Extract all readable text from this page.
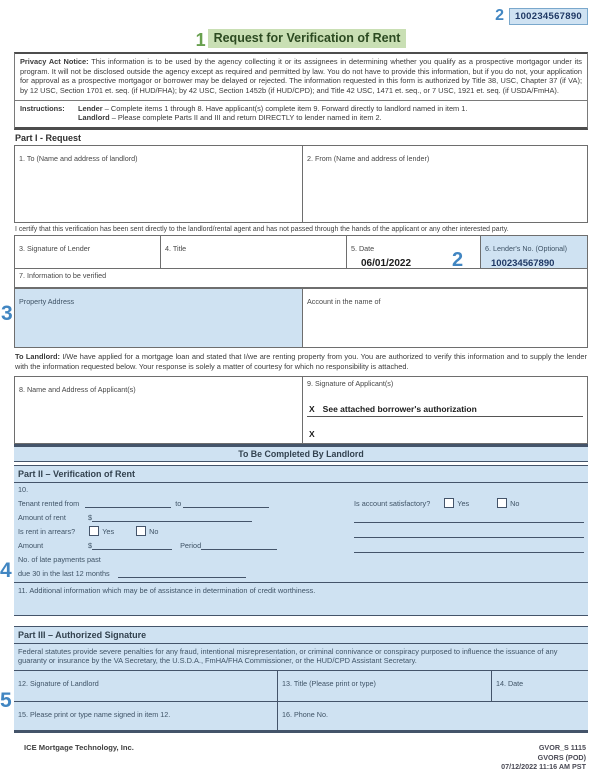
2	100234567890
1 Request for Verification of Rent

Privacy Act Notice: This information is to be used by the agency collecting it or its assignees in determining whether you qualify as a prospective mortgagor under its program. It will not be disclosed outside the agency except as required and permitted by law. You do not have to provide this information, but if you do not, your application for approval as a prospective mortgagor or borrower may be delayed or rejected. The information requested in this form is authorized by Title 38, USC, Chapter 37 (if VA); by 12 USC, Section 1701 et. seq. (if HUD/FHA); by 42 USC, Section 1452b (if HUD/CPD); and Title 42 USC, 1471 et. seq., or 7 USC, 1921 et. seq. (if USDA/FmHA).

Instructions:	Lender – Complete items 1 through 8. Have applicant(s) complete item 9. Forward directly to landlord named in item 1.

Landlord – Please complete Parts II and III and return DIRECTLY to lender named in item 2.

Part I - Request
1. To (Name and address of landlord)	2. From (Name and address of lender)

I certify that this verification has been sent directly to the landlord/rental agent and has not passed through the hands of the applicant or any other interested party.

3. Signature of Lender	4. Title	5. Date
06/01/2022
6. Lender's No. (Optional)
100234567890
7. Information to be verified
Property Address	Account in the name of

To Landlord: I/We have applied for a mortgage loan and stated that I/we are renting property from you. You are authorized to verify this information and to supply the lender with the information requested below. Your response is solely a matter of courtesy for which no responsibility is attached.

8. Name and Address of Applicant(s)
9. Signature of Applicant(s)
X See attached borrower's authorization
X
To Be Completed By Landlord
Part II – Verification of Rent
10.
Tenant rented from	to
Amount of rent	$
Is rent in arrears?	Yes	No
Amount	$	Period
No. of late payments past
due 30 in the last 12 months
Is account satisfactory?	Yes	No
11. Additional information which may be of assistance in determination of credit worthiness.
Part III – Authorized Signature

Federal statutes provide severe penalties for any fraud, intentional misrepresentation, or criminal connivance or conspiracy purposed to influence the issuance of any guaranty or insurance by the VA Secretary, the U.S.D.A., FmHA/FHA Commissioner, or the HUD/CPD Assistant Secretary.

12. Signature of Landlord	13. Title (Please print or type)	14. Date
15. Please print or type name signed in item 12.	16. Phone No.
ICE Mortgage Technology, Inc.	GVOR_S 1115
GVORS (POD)
07/12/2022 11:16 AM PST
2
3
4
5
